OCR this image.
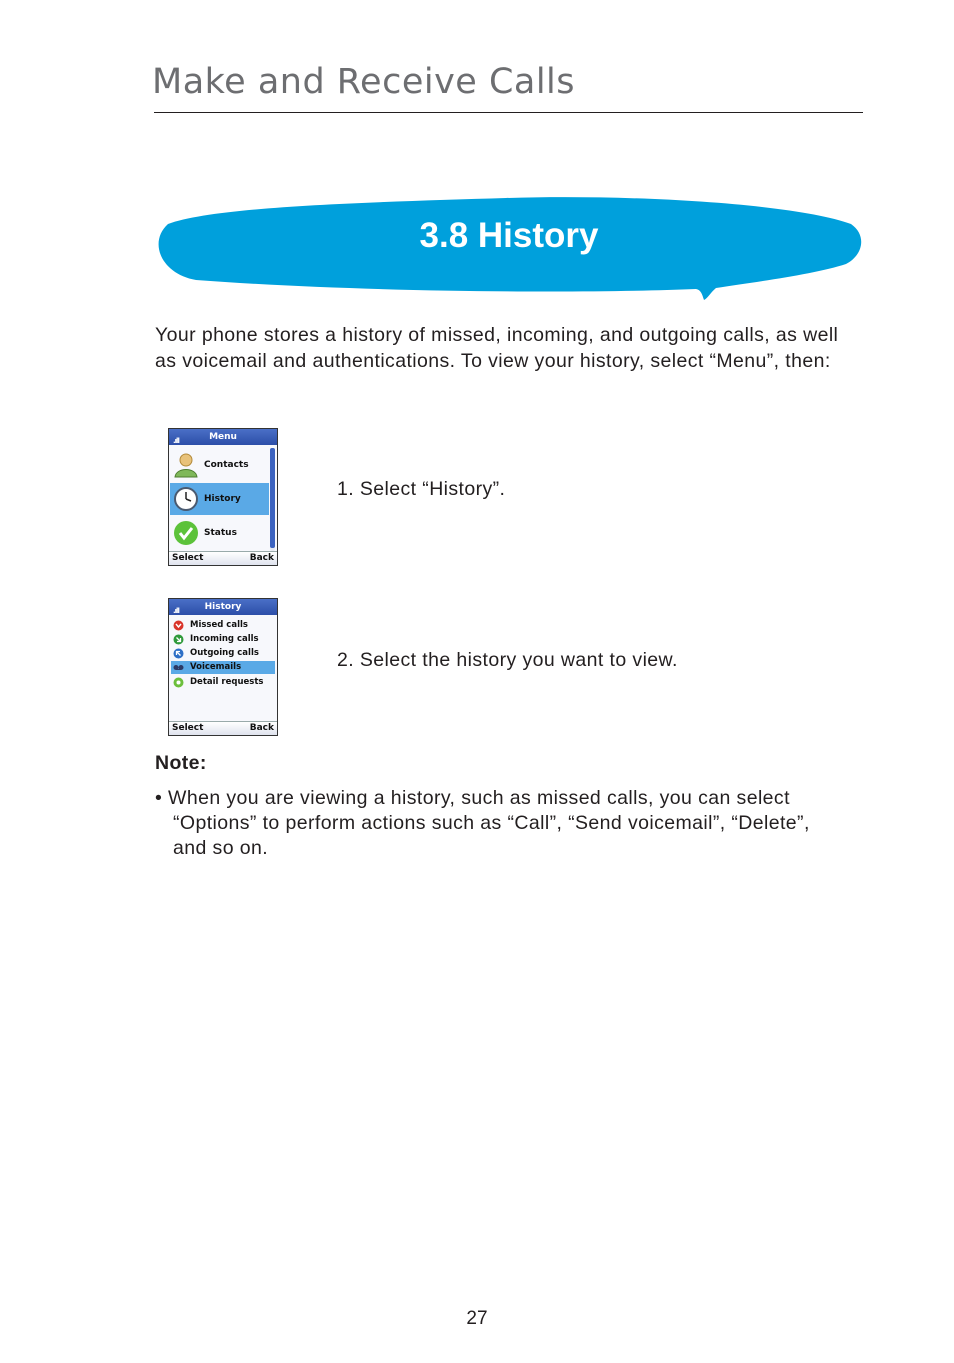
Make and Receive Calls
3.8 History
Your phone stores a history of missed, incoming, and outgoing calls, as well as voicemail and authentications. To view your history, select “Menu”, then:
.ıll	Menu
Contacts
History
Status
Select	Back
1. Select “History”.
.ıll	History
Missed calls
Incoming calls
Outgoing calls
Voicemails
Detail requests
Select	Back
2. Select the history you want to view.
Note:
• When you are viewing a history, such as missed calls, you can select “Options” to perform actions such as “Call”, “Send voicemail”, “Delete”, and so on.
27
